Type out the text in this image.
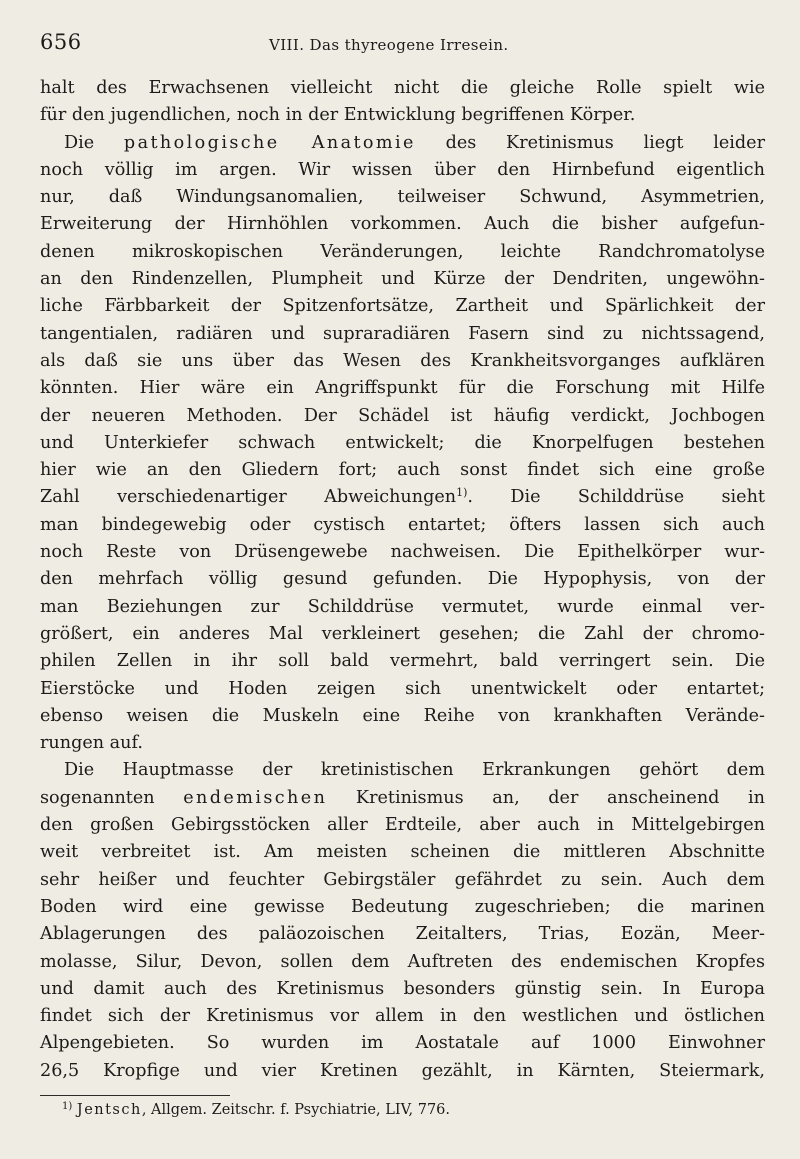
656	VIII. Das thyreogene Irresein.
halt des Erwachsenen vielleicht nicht die gleiche Rolle spielt wie
für den jugendlichen, noch in der Entwicklung begriffenen Körper.
Die pathologische Anatomie des Kretinismus liegt leider
noch völlig im argen. Wir wissen über den Hirnbefund eigentlich
nur, daß Windungsanomalien, teilweiser Schwund, Asymmetrien,
Erweiterung der Hirnhöhlen vorkommen. Auch die bisher aufgefun-
denen mikroskopischen Veränderungen, leichte Randchromatolyse
an den Rindenzellen, Plumpheit und Kürze der Dendriten, ungewöhn-
liche Färbbarkeit der Spitzenfortsätze, Zartheit und Spärlichkeit der
tangentialen, radiären und supraradiären Fasern sind zu nichtssagend,
als daß sie uns über das Wesen des Krankheitsvorganges aufklären
könnten. Hier wäre ein Angriffspunkt für die Forschung mit Hilfe
der neueren Methoden. Der Schädel ist häufig verdickt, Jochbogen
und Unterkiefer schwach entwickelt; die Knorpelfugen bestehen
hier wie an den Gliedern fort; auch sonst findet sich eine große
Zahl verschiedenartiger Abweichungen$^{1)}$. Die Schilddrüse sieht
man bindegewebig oder cystisch entartet; öfters lassen sich auch
noch Reste von Drüsengewebe nachweisen. Die Epithelkörper wur-
den mehrfach völlig gesund gefunden. Die Hypophysis, von der
man Beziehungen zur Schilddrüse vermutet, wurde einmal ver-
größert, ein anderes Mal verkleinert gesehen; die Zahl der chromo-
philen Zellen in ihr soll bald vermehrt, bald verringert sein. Die
Eierstöcke und Hoden zeigen sich unentwickelt oder entartet;
ebenso weisen die Muskeln eine Reihe von krankhaften Verände-
rungen auf.
Die Hauptmasse der kretinistischen Erkrankungen gehört dem
sogenannten endemischen Kretinismus an, der anscheinend in
den großen Gebirgsstöcken aller Erdteile, aber auch in Mittelgebirgen
weit verbreitet ist. Am meisten scheinen die mittleren Abschnitte
sehr heißer und feuchter Gebirgstäler gefährdet zu sein. Auch dem
Boden wird eine gewisse Bedeutung zugeschrieben; die marinen
Ablagerungen des paläozoischen Zeitalters, Trias, Eozän, Meer-
molasse, Silur, Devon, sollen dem Auftreten des endemischen Kropfes
und damit auch des Kretinismus besonders günstig sein. In Europa
findet sich der Kretinismus vor allem in den westlichen und östlichen
Alpengebieten. So wurden im Aostatale auf 1000 Einwohner
26,5 Kropfige und vier Kretinen gezählt, in Kärnten, Steiermark,
$^{1)}$ Jentsch, Allgem. Zeitschr. f. Psychiatrie, LIV, 776.
